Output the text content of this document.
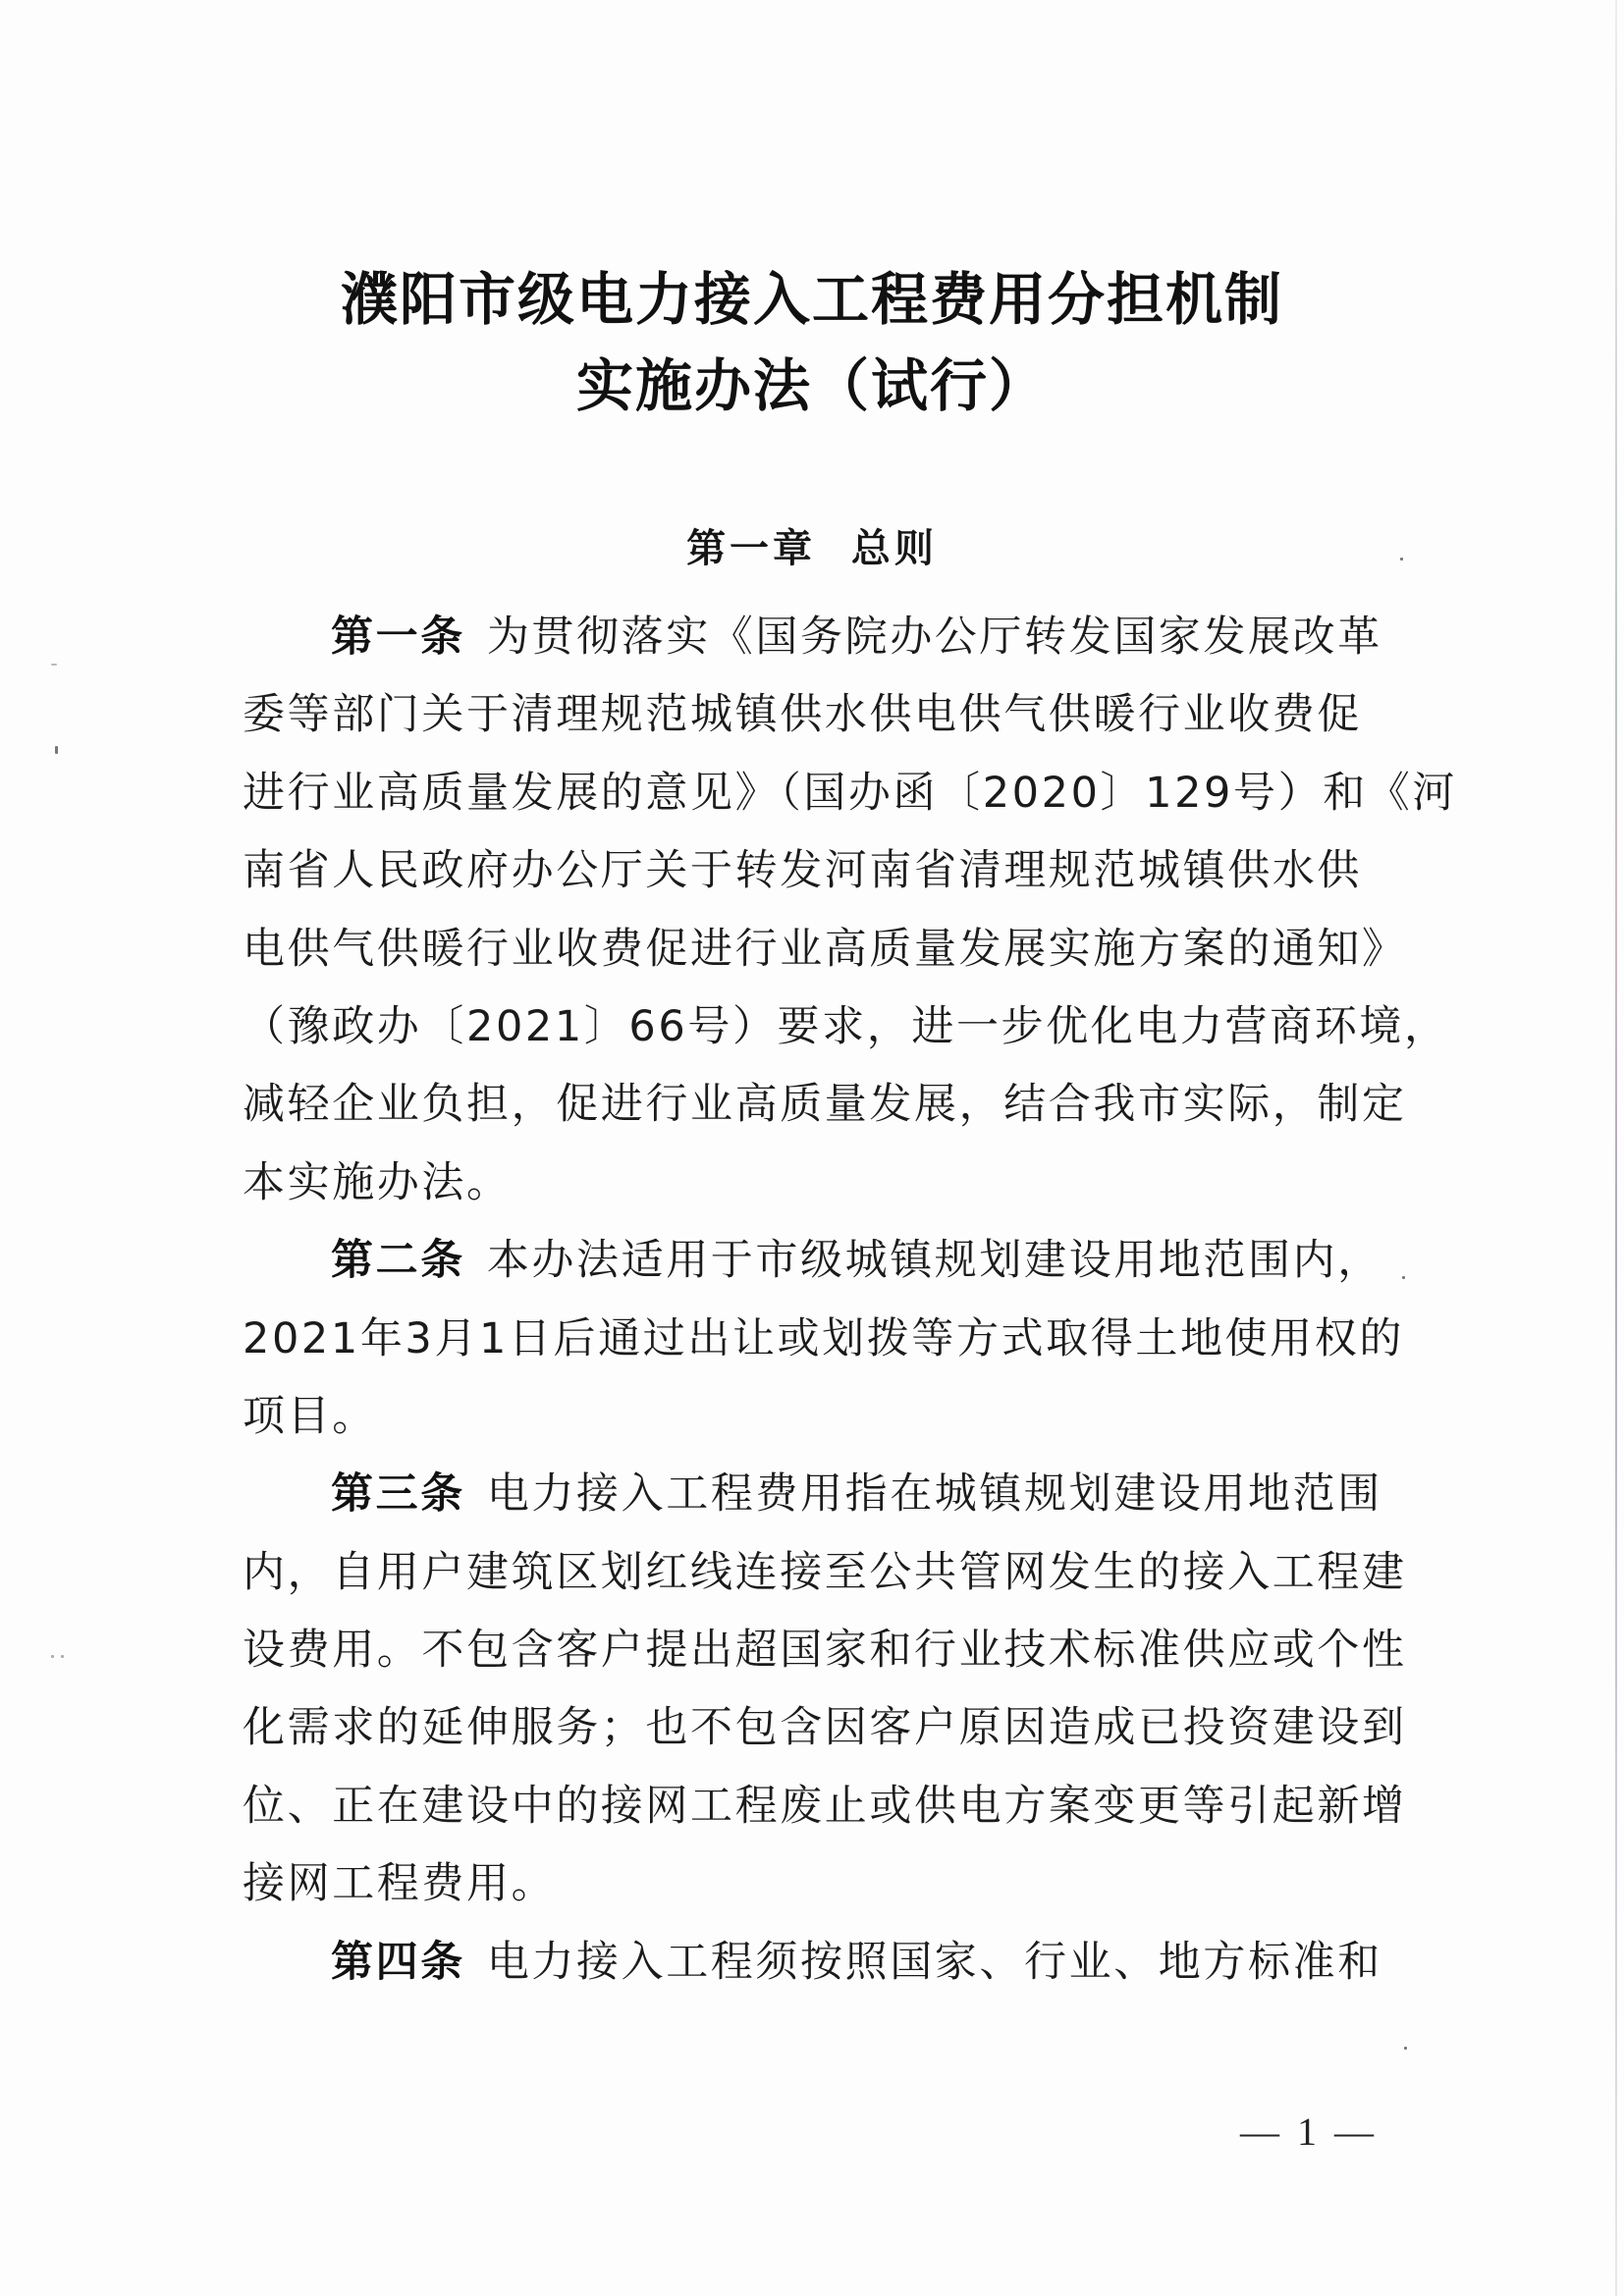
濮阳市级电力接入工程费用分担机制
实施办法（试行）
第一章  总则
第一条 为贯彻落实《国务院办公厅转发国家发展改革
委等部门关于清理规范城镇供水供电供气供暖行业收费促
进行业高质量发展的意见》（国办函〔2020〕129号）和《河
南省人民政府办公厅关于转发河南省清理规范城镇供水供
电供气供暖行业收费促进行业高质量发展实施方案的通知》
（豫政办〔2021〕66号）要求，进一步优化电力营商环境，
减轻企业负担，促进行业高质量发展，结合我市实际，制定
本实施办法。
第二条 本办法适用于市级城镇规划建设用地范围内，
2021年3月1日后通过出让或划拨等方式取得土地使用权的
项目。
第三条 电力接入工程费用指在城镇规划建设用地范围
内，自用户建筑区划红线连接至公共管网发生的接入工程建
设费用。不包含客户提出超国家和行业技术标准供应或个性
化需求的延伸服务；也不包含因客户原因造成已投资建设到
位、正在建设中的接网工程废止或供电方案变更等引起新增
接网工程费用。
第四条 电力接入工程须按照国家、行业、地方标准和
— 1 —
